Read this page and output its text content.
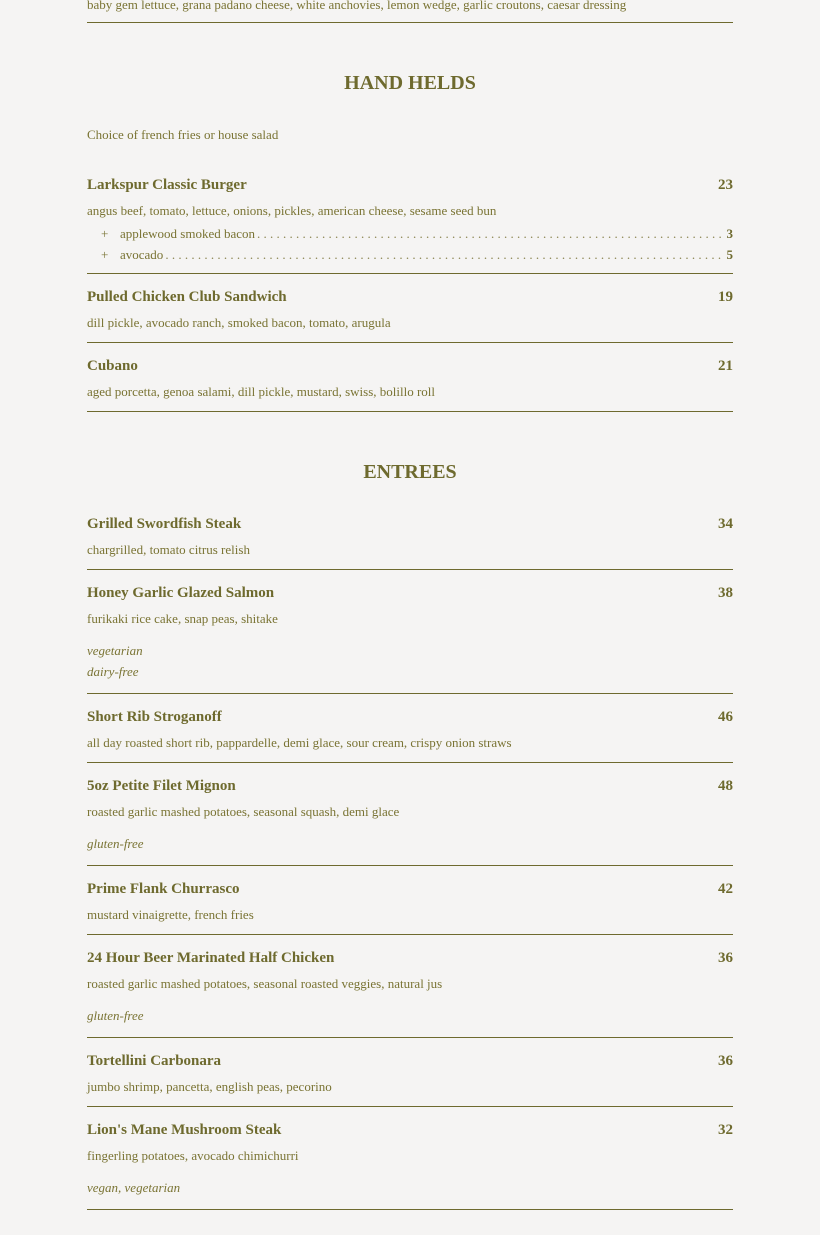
baby gem lettuce, grana padano cheese, white anchovies, lemon wedge, garlic croutons, caesar dressing
HAND HELDS
Choice of french fries or house salad
Larkspur Classic Burger	23
angus beef, tomato, lettuce, onions, pickles, american cheese, sesame seed bun
+ applewood smoked bacon . . .	3
+ avocado . . .	5
Pulled Chicken Club Sandwich	19
dill pickle, avocado ranch, smoked bacon, tomato, arugula
Cubano	21
aged porcetta, genoa salami, dill pickle, mustard, swiss, bolillo roll
ENTREES
Grilled Swordfish Steak	34
chargrilled, tomato citrus relish
Honey Garlic Glazed Salmon	38
furikaki rice cake, snap peas, shitake
vegetarian
dairy-free
Short Rib Stroganoff	46
all day roasted short rib, pappardelle, demi glace, sour cream, crispy onion straws
5oz Petite Filet Mignon	48
roasted garlic mashed potatoes, seasonal squash, demi glace
gluten-free
Prime Flank Churrasco	42
mustard vinaigrette, french fries
24 Hour Beer Marinated Half Chicken	36
roasted garlic mashed potatoes, seasonal roasted veggies, natural jus
gluten-free
Tortellini Carbonara	36
jumbo shrimp, pancetta, english peas, pecorino
Lion's Mane Mushroom Steak	32
fingerling potatoes, avocado chimichurri
vegan, vegetarian
